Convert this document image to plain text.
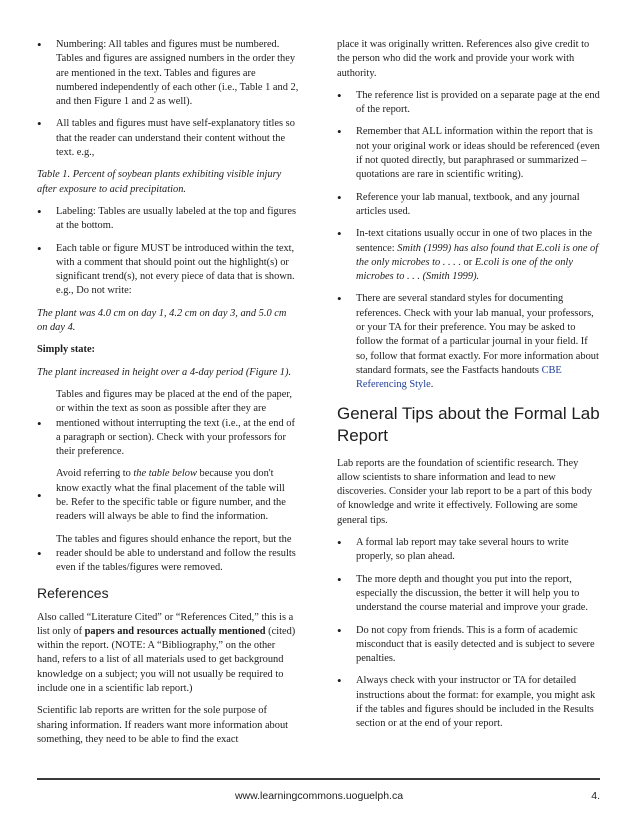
• Numbering: All tables and figures must be numbered. Tables and figures are assigned numbers in the order they are mentioned in the text. Tables and figures are numbered independently of each other (i.e., Table 1 and 2, and then Figure 1 and 2 as well).
• All tables and figures must have self-explanatory titles so that the reader can understand their content without the text. e.g.,

Table 1. Percent of soybean plants exhibiting visible injury after exposure to acid precipitation.

• Labeling: Tables are usually labeled at the top and figures at the bottom.
• Each table or figure MUST be introduced within the text, with a comment that should point out the highlight(s) or significant trend(s), not every piece of data that is shown. e.g., Do not write:

The plant was 4.0 cm on day 1, 4.2 cm on day 3, and 5.0 cm on day 4.

Simply state:

The plant increased in height over a 4-day period (Figure 1).

•
Tables and figures may be placed at the end of the paper, or within the text as soon as possible after they are mentioned without interrupting the text (i.e., at the end of a paragraph or section). Check with your professors for their preference.
•
Avoid referring to the table below because you don't know exactly what the final placement of the table will be. Refer to the specific table or figure number, and the readers will always be able to find the information.
•
The tables and figures should enhance the report, but the reader should be able to understand and follow the results even if the tables/figures were removed.
References

Also called “Literature Cited” or “References Cited,” this is a list only of papers and resources actually mentioned (cited) within the report. (NOTE: A “Bibliography,” on the other hand, refers to a list of all materials used to get background knowledge on a subject; you will not usually be required to include one in a scientific lab report.)

Scientific lab reports are written for the sole purpose of sharing information. If readers want more information about something, they need to be able to find the exact

place it was originally written. References also give credit to the person who did the work and provide your work with authority.

• The reference list is provided on a separate page at the end of the report.
• Remember that ALL information within the report that is not your original work or ideas should be referenced (even if not quoted directly, but paraphrased or summarized – quotations are rare in scientific writing).
• Reference your lab manual, textbook, and any journal articles used.
• In-text citations usually occur in one of two places in the sentence: Smith (1999) has also found that E.coli is one of the only microbes to . . . . or E.coli is one of the only microbes to . . . (Smith 1999).
• There are several standard styles for documenting references. Check with your lab manual, your professors, or your TA for their preference. You may be asked to follow the format of a particular journal in your field. If so, follow that format exactly. For more information about standard formats, see the Fastfacts handouts CBE Referencing Style.
General Tips about the Formal Lab Report

Lab reports are the foundation of scientific research. They allow scientists to share information and lead to new discoveries. Consider your lab report to be a part of this body of knowledge and write it effectively. Following are some general tips.

• A formal lab report may take several hours to write properly, so plan ahead.
• The more depth and thought you put into the report, especially the discussion, the better it will help you to understand the course material and improve your grade.
• Do not copy from friends. This is a form of academic misconduct that is easily detected and is subject to severe penalties.
• Always check with your instructor or TA for detailed instructions about the format: for example, you might ask if the tables and figures should be included in the Results section or at the end of your report.
www.learningcommons.uoguelph.ca	4.
